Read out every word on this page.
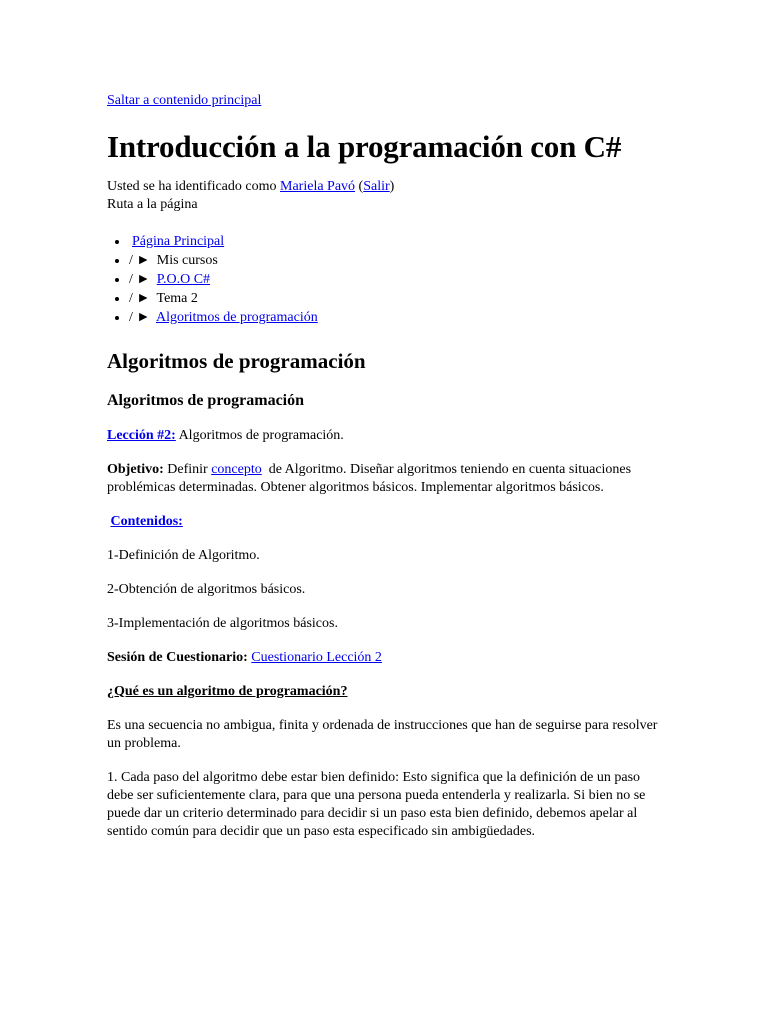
Saltar a contenido principal
Introducción a la programación con C#
Usted se ha identificado como Mariela Pavó (Salir)
Ruta a la página
• Página Principal
• / ► Mis cursos
• / ► P.O.O C#
• / ► Tema 2
• / ► Algoritmos de programación
Algoritmos de programación
Algoritmos de programación

Lección #2: Algoritmos de programación.

Objetivo: Definir concepto de Algoritmo. Diseñar algoritmos teniendo en cuenta situaciones problémicas determinadas. Obtener algoritmos básicos. Implementar algoritmos básicos.

Contenidos:

1-Definición de Algoritmo.

2-Obtención de algoritmos básicos.

3-Implementación de algoritmos básicos.

Sesión de Cuestionario: Cuestionario Lección 2

¿Qué es un algoritmo de programación?

Es una secuencia no ambigua, finita y ordenada de instrucciones que han de seguirse para resolver un problema.

1. Cada paso del algoritmo debe estar bien definido: Esto significa que la definición de un paso debe ser suficientemente clara, para que una persona pueda entenderla y realizarla. Si bien no se puede dar un criterio determinado para decidir si un paso esta bien definido, debemos apelar al sentido común para decidir que un paso esta especificado sin ambigüedades.
